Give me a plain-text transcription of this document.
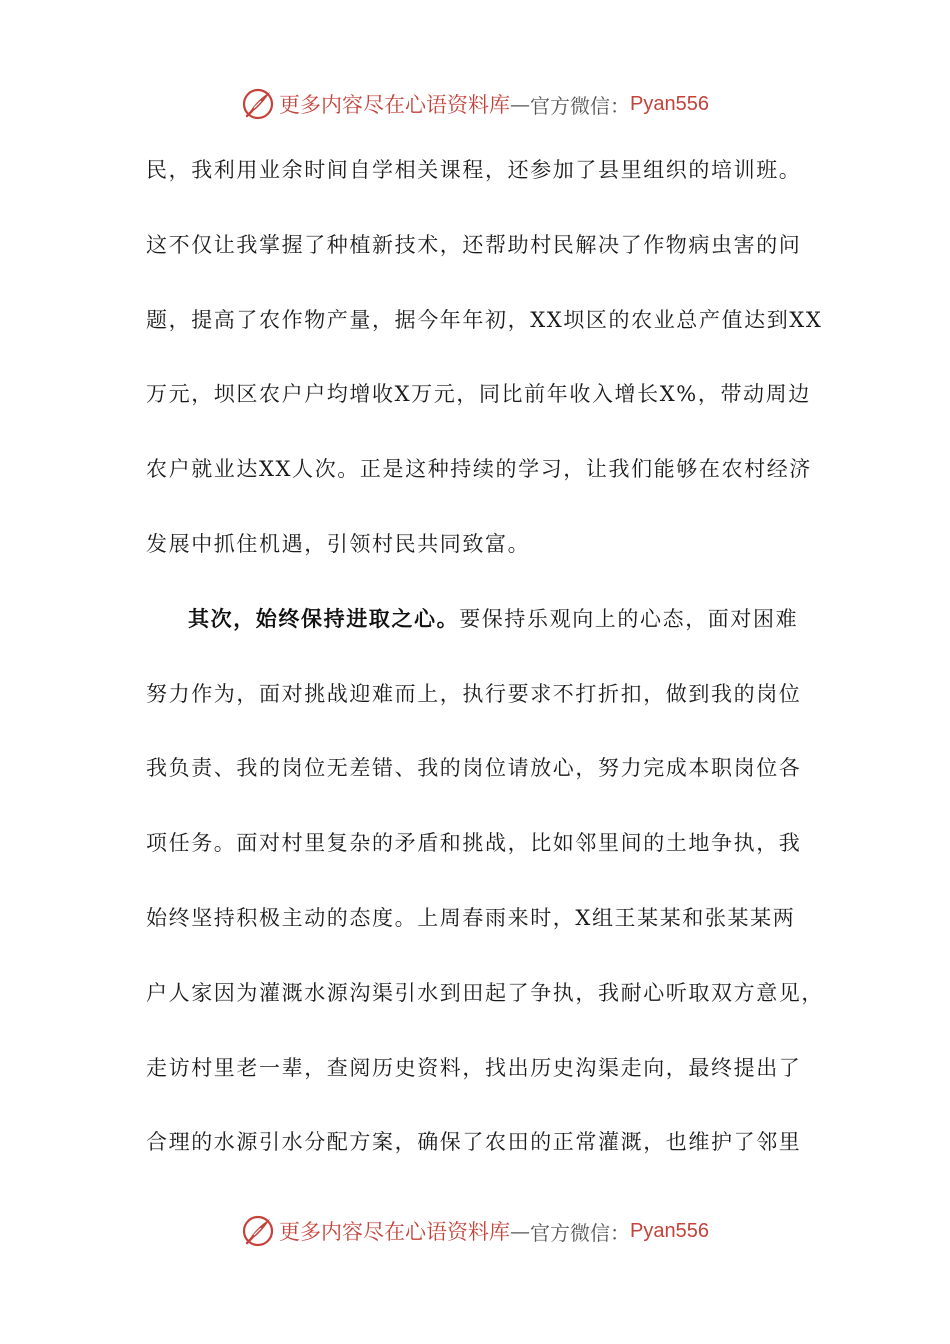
更多内容尽在心语资料库 — 官方微信： Pyan556
民，我利用业余时间自学相关课程，还参加了县里组织的培训班。
这不仅让我掌握了种植新技术，还帮助村民解决了作物病虫害的问
题，提高了农作物产量，据今年年初，XX坝区的农业总产值达到XX
万元，坝区农户户均增收X万元，同比前年收入增长X%，带动周边
农户就业达XX人次。正是这种持续的学习，让我们能够在农村经济
发展中抓住机遇，引领村民共同致富。
其次，始终保持进取之心。要保持乐观向上的心态，面对困难
努力作为，面对挑战迎难而上，执行要求不打折扣，做到我的岗位
我负责、我的岗位无差错、我的岗位请放心，努力完成本职岗位各
项任务。面对村里复杂的矛盾和挑战，比如邻里间的土地争执，我
始终坚持积极主动的态度。上周春雨来时，X组王某某和张某某两
户人家因为灌溉水源沟渠引水到田起了争执，我耐心听取双方意见，
走访村里老一辈，查阅历史资料，找出历史沟渠走向，最终提出了
合理的水源引水分配方案，确保了农田的正常灌溉，也维护了邻里
更多内容尽在心语资料库 — 官方微信： Pyan556
